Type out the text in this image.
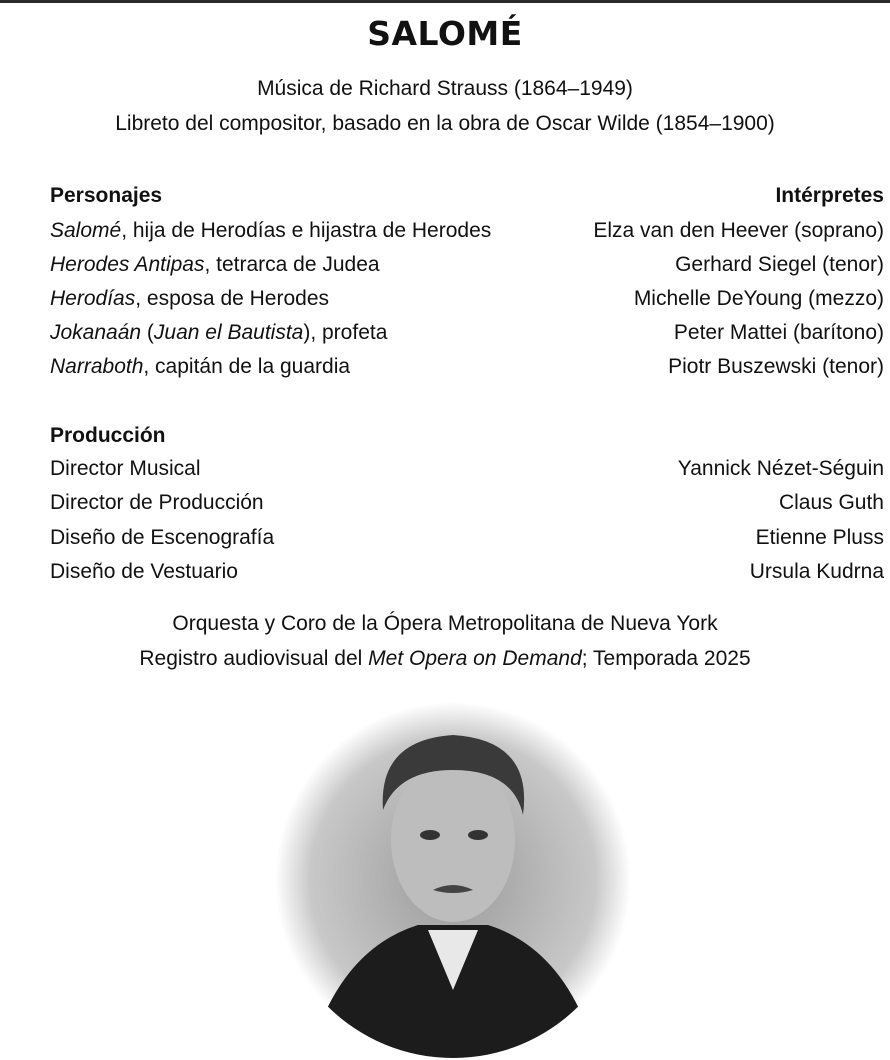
SALOMÉ
Música de Richard Strauss (1864–1949)
Libreto del compositor, basado en la obra de Oscar Wilde (1854–1900)
Personajes	Intérpretes
Salomé, hija de Herodías e hijastra de Herodes	Elza van den Heever (soprano)
Herodes Antipas, tetrarca de Judea	Gerhard Siegel (tenor)
Herodías, esposa de Herodes	Michelle DeYoung (mezzo)
Jokanaán (Juan el Bautista), profeta	Peter Mattei (barítono)
Narraboth, capitán de la guardia	Piotr Buszewski (tenor)
Producción
Director Musical	Yannick Nézet-Séguin
Director de Producción	Claus Guth
Diseño de Escenografía	Etienne Pluss
Diseño de Vestuario	Ursula Kudrna
Orquesta y Coro de la Ópera Metropolitana de Nueva York
Registro audiovisual del Met Opera on Demand; Temporada 2025
